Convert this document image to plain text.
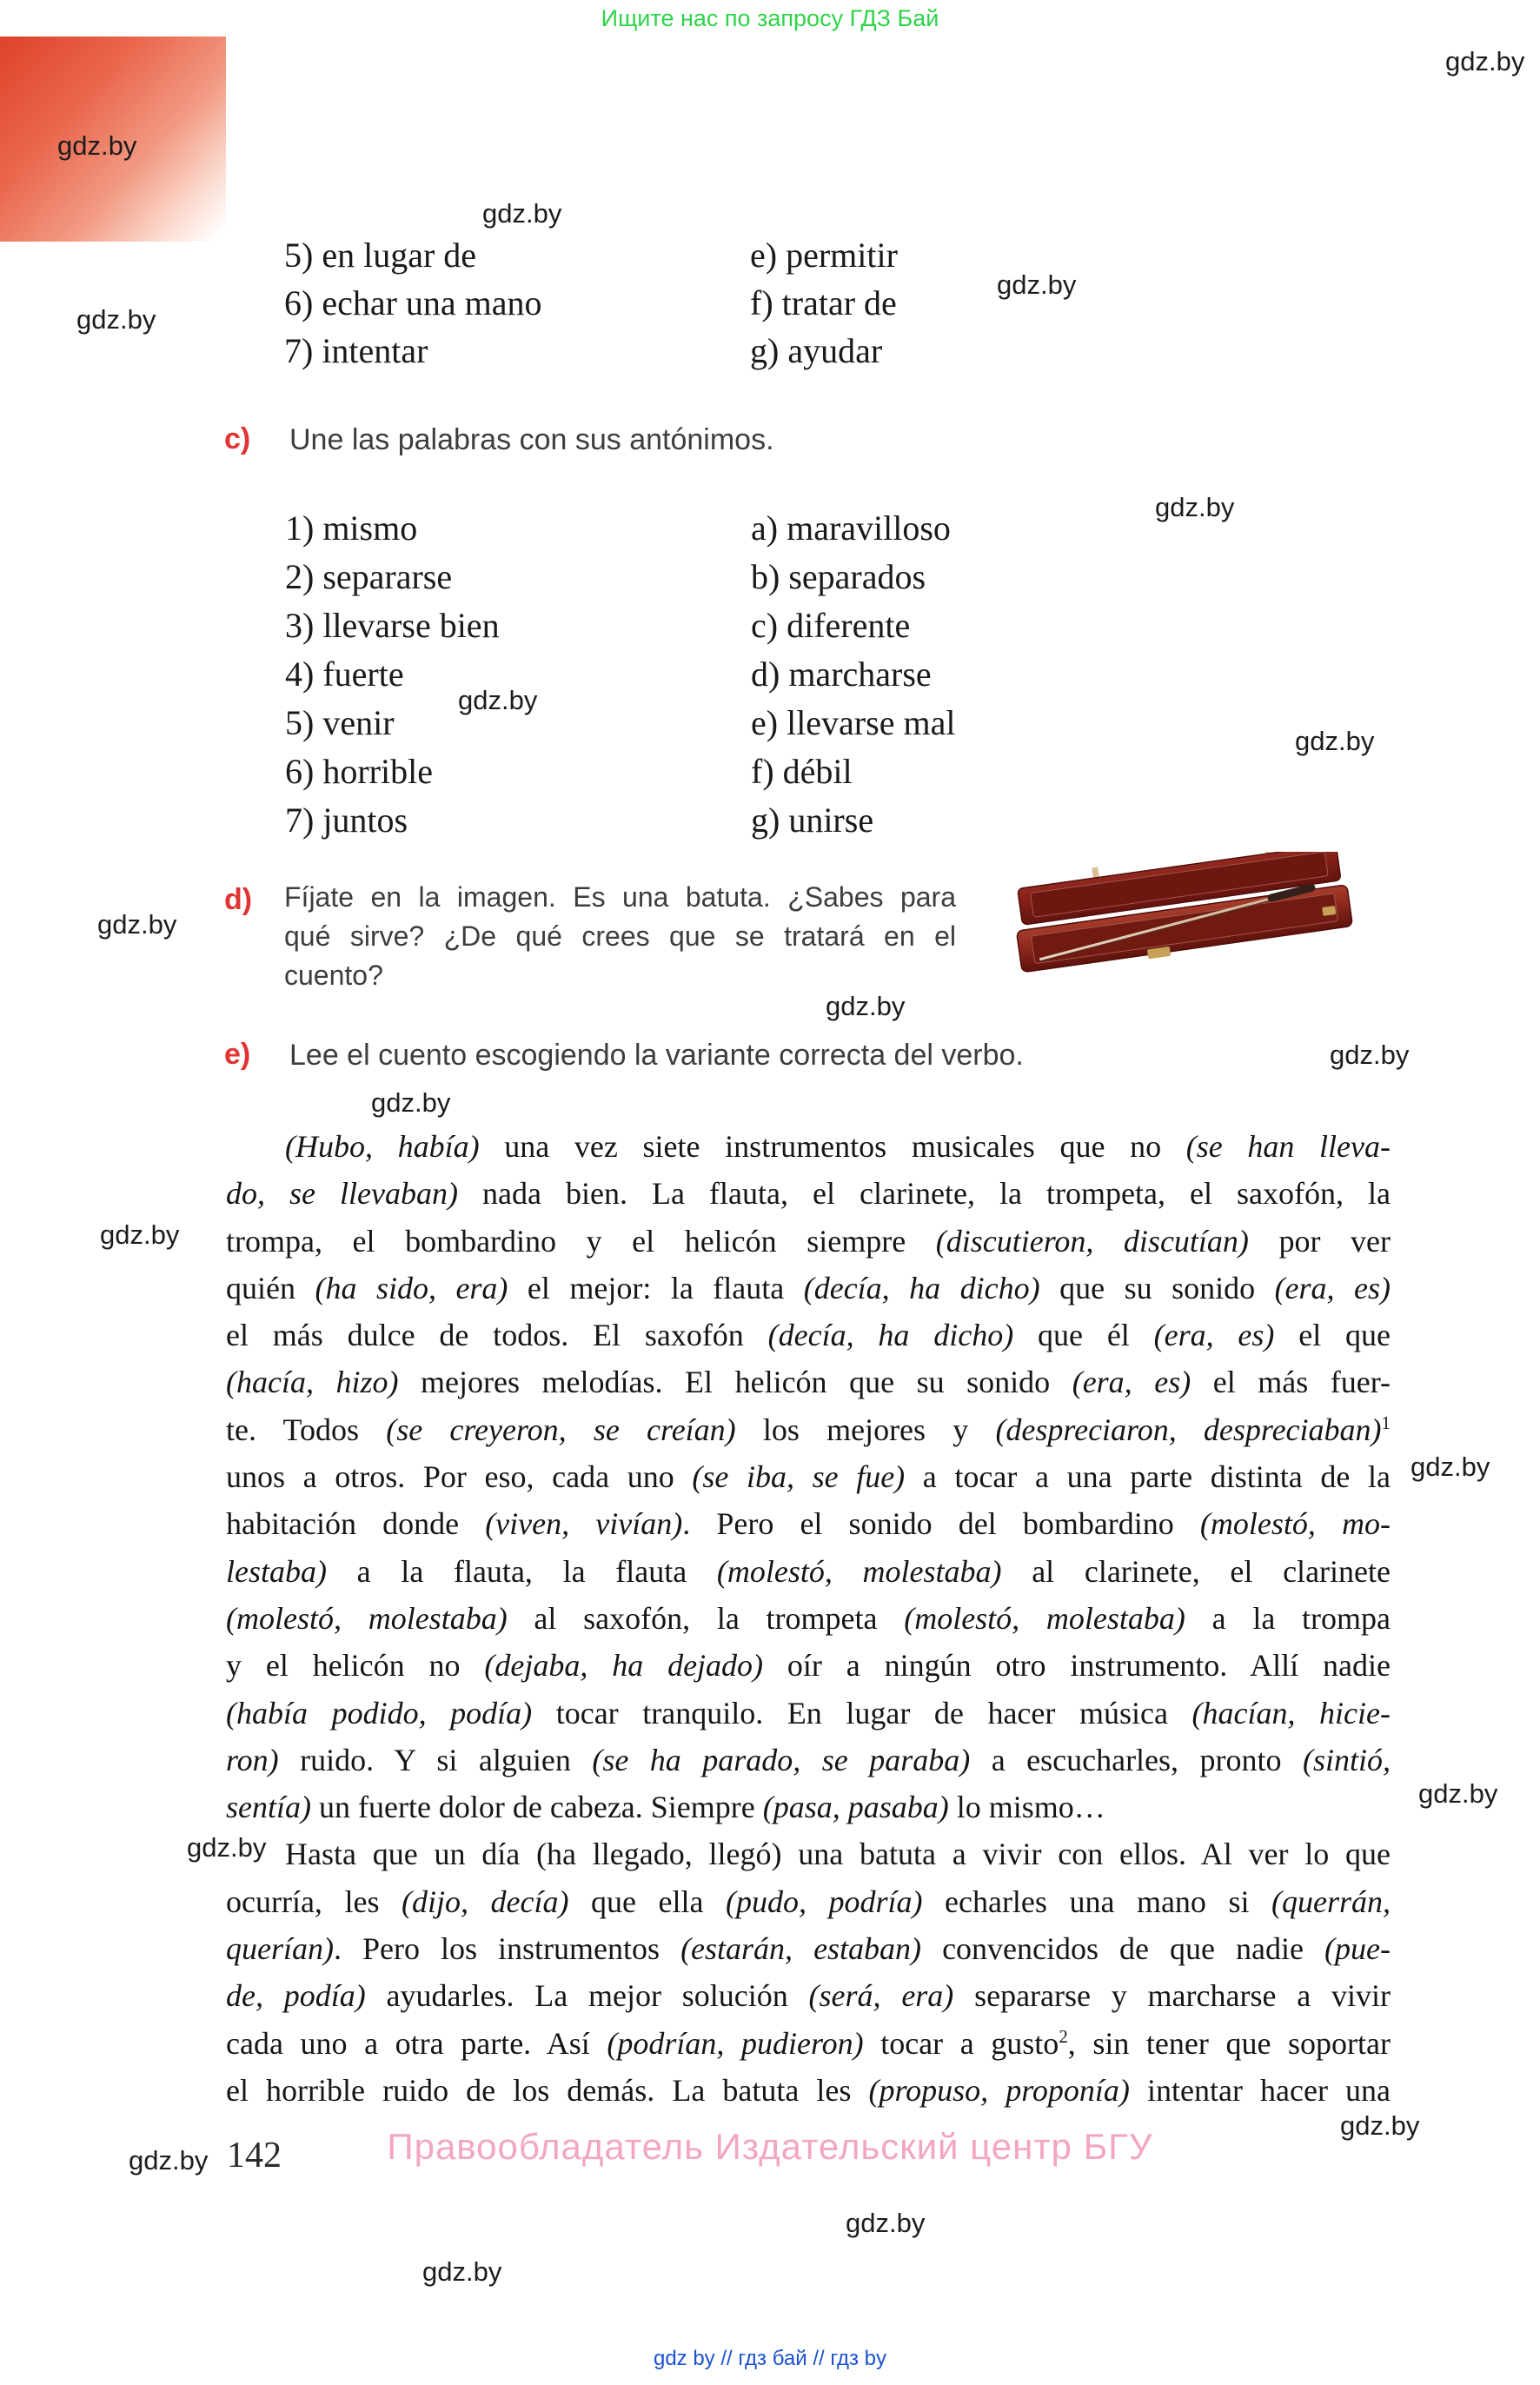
Ищите нас по запросу ГДЗ Бай
5) en lugar de
6) echar una mano
7) intentar
e) permitir
f) tratar de
g) ayudar
c) Une las palabras con sus antónimos.
1) mismo
2) separarse
3) llevarse bien
4) fuerte
5) venir
6) horrible
7) juntos
a) maravilloso
b) separados
c) diferente
d) marcharse
e) llevarse mal
f) débil
g) unirse
d) Fíjate en la imagen. Es una batuta. ¿Sabes para
qué sirve? ¿De qué crees que se tratará en el
cuento?
e) Lee el cuento escogiendo la variante correcta del verbo.
(Hubo, había) una vez siete instrumentos musicales que no (se han lleva-
do, se llevaban) nada bien. La flauta, el clarinete, la trompeta, el saxofón, la
trompa, el bombardino y el helicón siempre (discutieron, discutían) por ver
quién (ha sido, era) el mejor: la flauta (decía, ha dicho) que su sonido (era, es)
el más dulce de todos. El saxofón (decía, ha dicho) que él (era, es) el que
(hacía, hizo) mejores melodías. El helicón que su sonido (era, es) el más fuer-
te. Todos (se creyeron, se creían) los mejores y (despreciaron, despreciaban)$^1$
unos a otros. Por eso, cada uno (se iba, se fue) a tocar a una parte distinta de la
habitación donde (viven, vivían). Pero el sonido del bombardino (molestó, mo-
lestaba) a la flauta, la flauta (molestó, molestaba) al clarinete, el clarinete
(molestó, molestaba) al saxofón, la trompeta (molestó, molestaba) a la trompa
y el helicón no (dejaba, ha dejado) oír a ningún otro instrumento. Allí nadie
(había podido, podía) tocar tranquilo. En lugar de hacer música (hacían, hicie-
ron) ruido. Y si alguien (se ha parado, se paraba) a escucharles, pronto (sintió,
sentía) un fuerte dolor de cabeza. Siempre (pasa, pasaba) lo mismo…
Hasta que un día (ha llegado, llegó) una batuta a vivir con ellos. Al ver lo que
ocurría, les (dijo, decía) que ella (pudo, podría) echarles una mano si (querrán,
querían). Pero los instrumentos (estarán, estaban) convencidos de que nadie (pue-
de, podía) ayudarles. La mejor solución (será, era) separarse y marcharse a vivir
cada uno a otra parte. Así (podrían, pudieron) tocar a gusto$^2$, sin tener que soportar
el horrible ruido de los demás. La batuta les (propuso, proponía) intentar hacer una
142	Правообладатель Издательский центр БГУ
gdz by // гдз бай // гдз by
gdz.by
gdz.by
gdz.by
gdz.by
gdz.by
gdz.by
gdz.by
gdz.by
gdz.by
gdz.by
gdz.by
gdz.by
gdz.by
gdz.by
gdz.by
gdz.by
gdz.by
gdz.by
gdz.by
gdz.by
